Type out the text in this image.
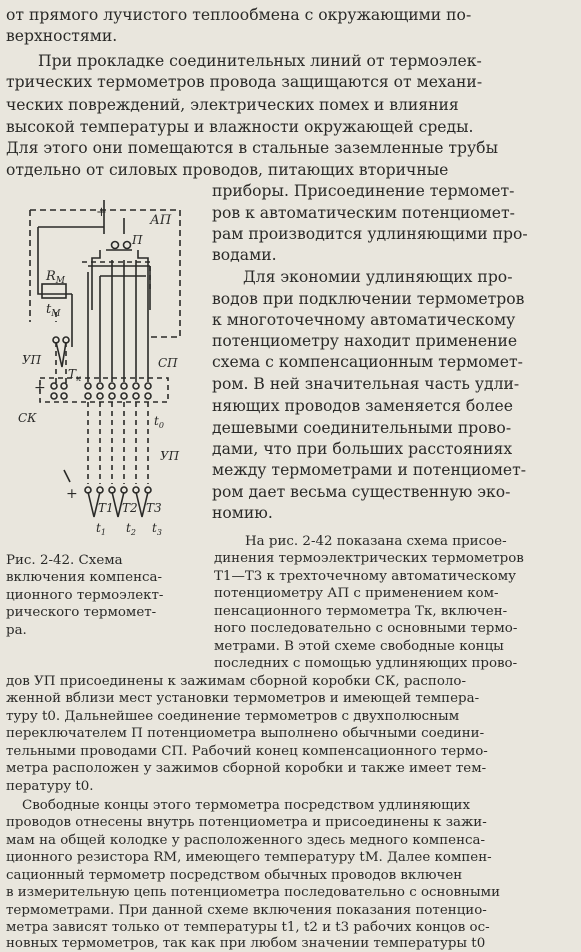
от прямого лучистого теплообмена с окружающими по-
верхностями.
При прокладке соединительных линий от термоэлек-
трических термометров провода защищаются от механи-
ческих повреждений, электрических помех и влияния
высокой температуры и влажности окружающей среды.
Для этого они помещаются в стальные заземленные трубы
отдельно от силовых проводов, питающих вторичные
приборы. Присоединение термомет-
ров к автоматическим потенциомет-
рам производится удлиняющими про-
водами.
Для экономии удлиняющих про-
водов при подключении термометров
к многоточечному автоматическому
потенциометру находит применение
схема с компенсационным термомет-
ром. В ней значительная часть удли-
няющих проводов заменяется более
дешевыми соединительными прово-
дами, что при больших расстояниях
между термометрами и потенциомет-
ром дает весьма существенную эко-
номию.
АП
П
+
$R_М$
$t_М$
УП	СП
+
$T_к$
СК	$t_0$
УП
+
T1 T2 T3
$t_1$ $t_2$ $t_3$
Рис. 2-42. Схема
включения компенса-
ционного термоэлект-
рического термомет-
ра.
На рис. 2-42 показана схема присое-
динения термоэлектрических термометров
Т1—Т3 к трехточечному автоматическому
потенциометру АП с применением ком-
пенсационного термометра Тк, включен-
ного последовательно с основными термо-
метрами. В этой схеме свободные концы
последних с помощью удлиняющих прово-
дов УП присоединены к зажимам сборной коробки СК, располо-
женной вблизи мест установки термометров и имеющей темпера-
туру t0. Дальнейшее соединение термометров с двухполюсным
переключателем П потенциометра выполнено обычными соедини-
тельными проводами СП. Рабочий конец компенсационного термо-
метра расположен у зажимов сборной коробки и также имеет тем-
пературу t0.
Свободные концы этого термометра посредством удлиняющих
проводов отнесены внутрь потенциометра и присоединены к зажи-
мам на общей колодке у расположенного здесь медного компенса-
ционного резистора RМ, имеющего температуру tМ. Далее компен-
сационный термометр посредством обычных проводов включен
в измерительную цепь потенциометра последовательно с основными
термометрами. При данной схеме включения показания потенцио-
метра зависят только от температуры t1, t2 и t3 рабочих концов ос-
новных термометров, так как при любом значении температуры t0
